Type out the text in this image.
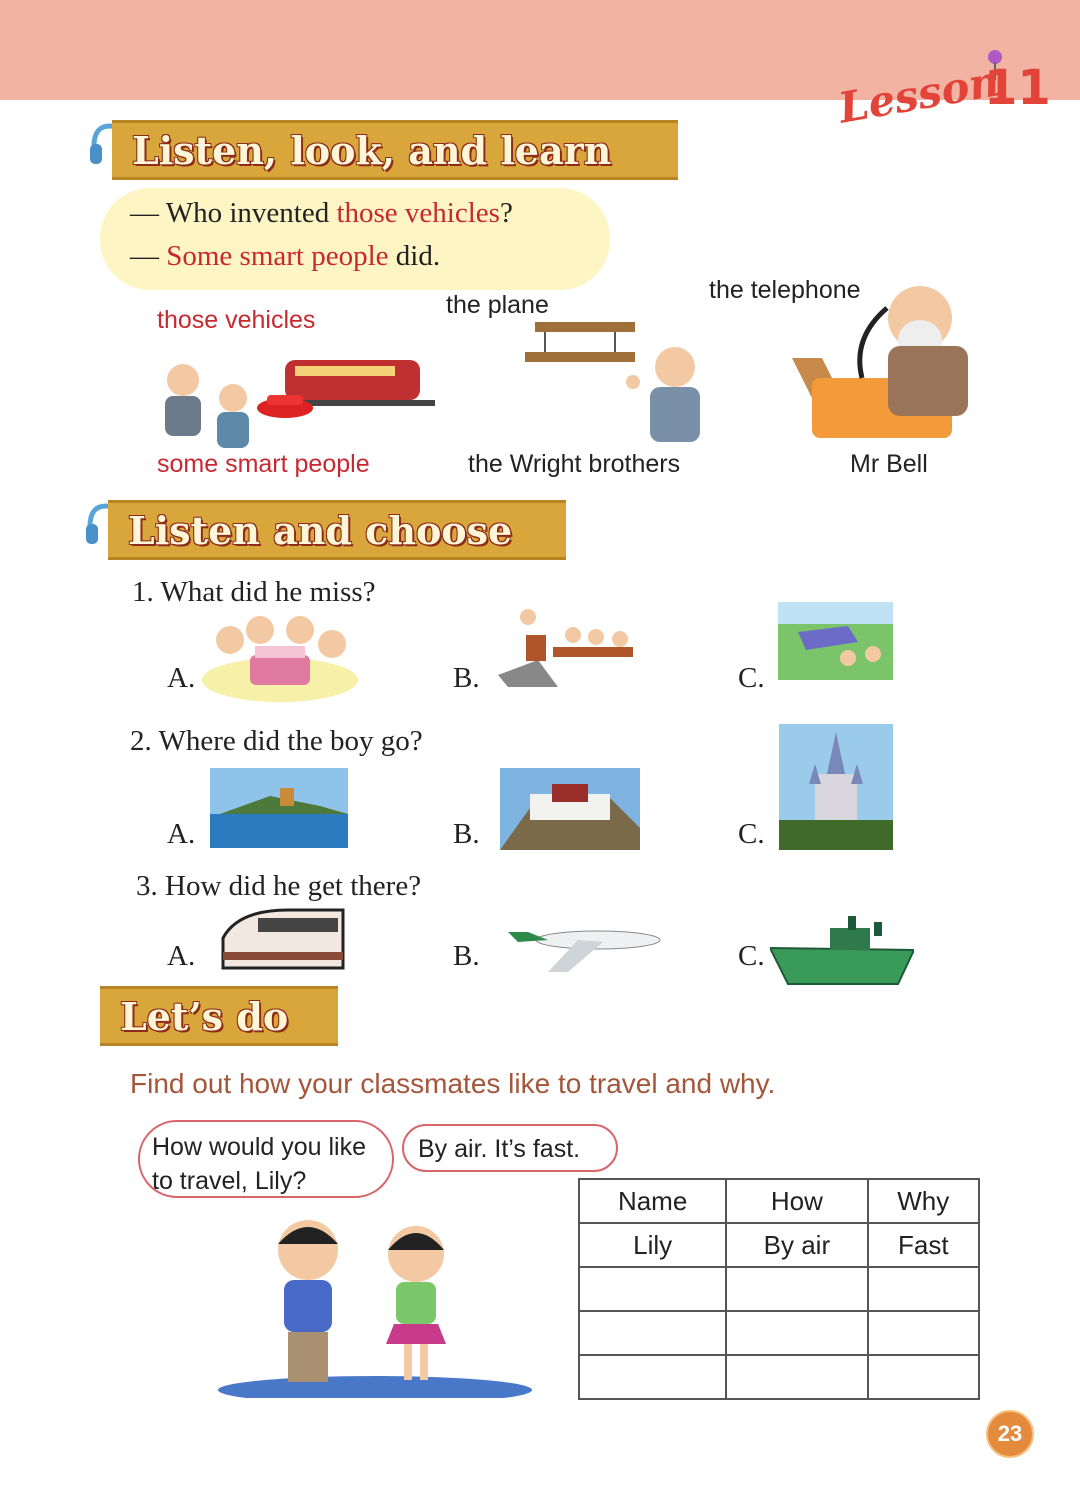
Lesson
11
Listen, look, and learn
— Who invented those vehicles?
— Some smart people did.
those vehicles
the plane
the telephone
some smart people	the Wright brothers	Mr Bell
Listen and choose
1. What did he miss?
A.	B.	C.
2. Where did the boy go?
A.	B.	C.
3. How did he get there?
A.	B.	C.
Let’s do
Find out how your classmates like to travel and why.
How would you like to travel, Lily?
By air. It’s fast.
Name	How	Why
Lily	By air	Fast

23
